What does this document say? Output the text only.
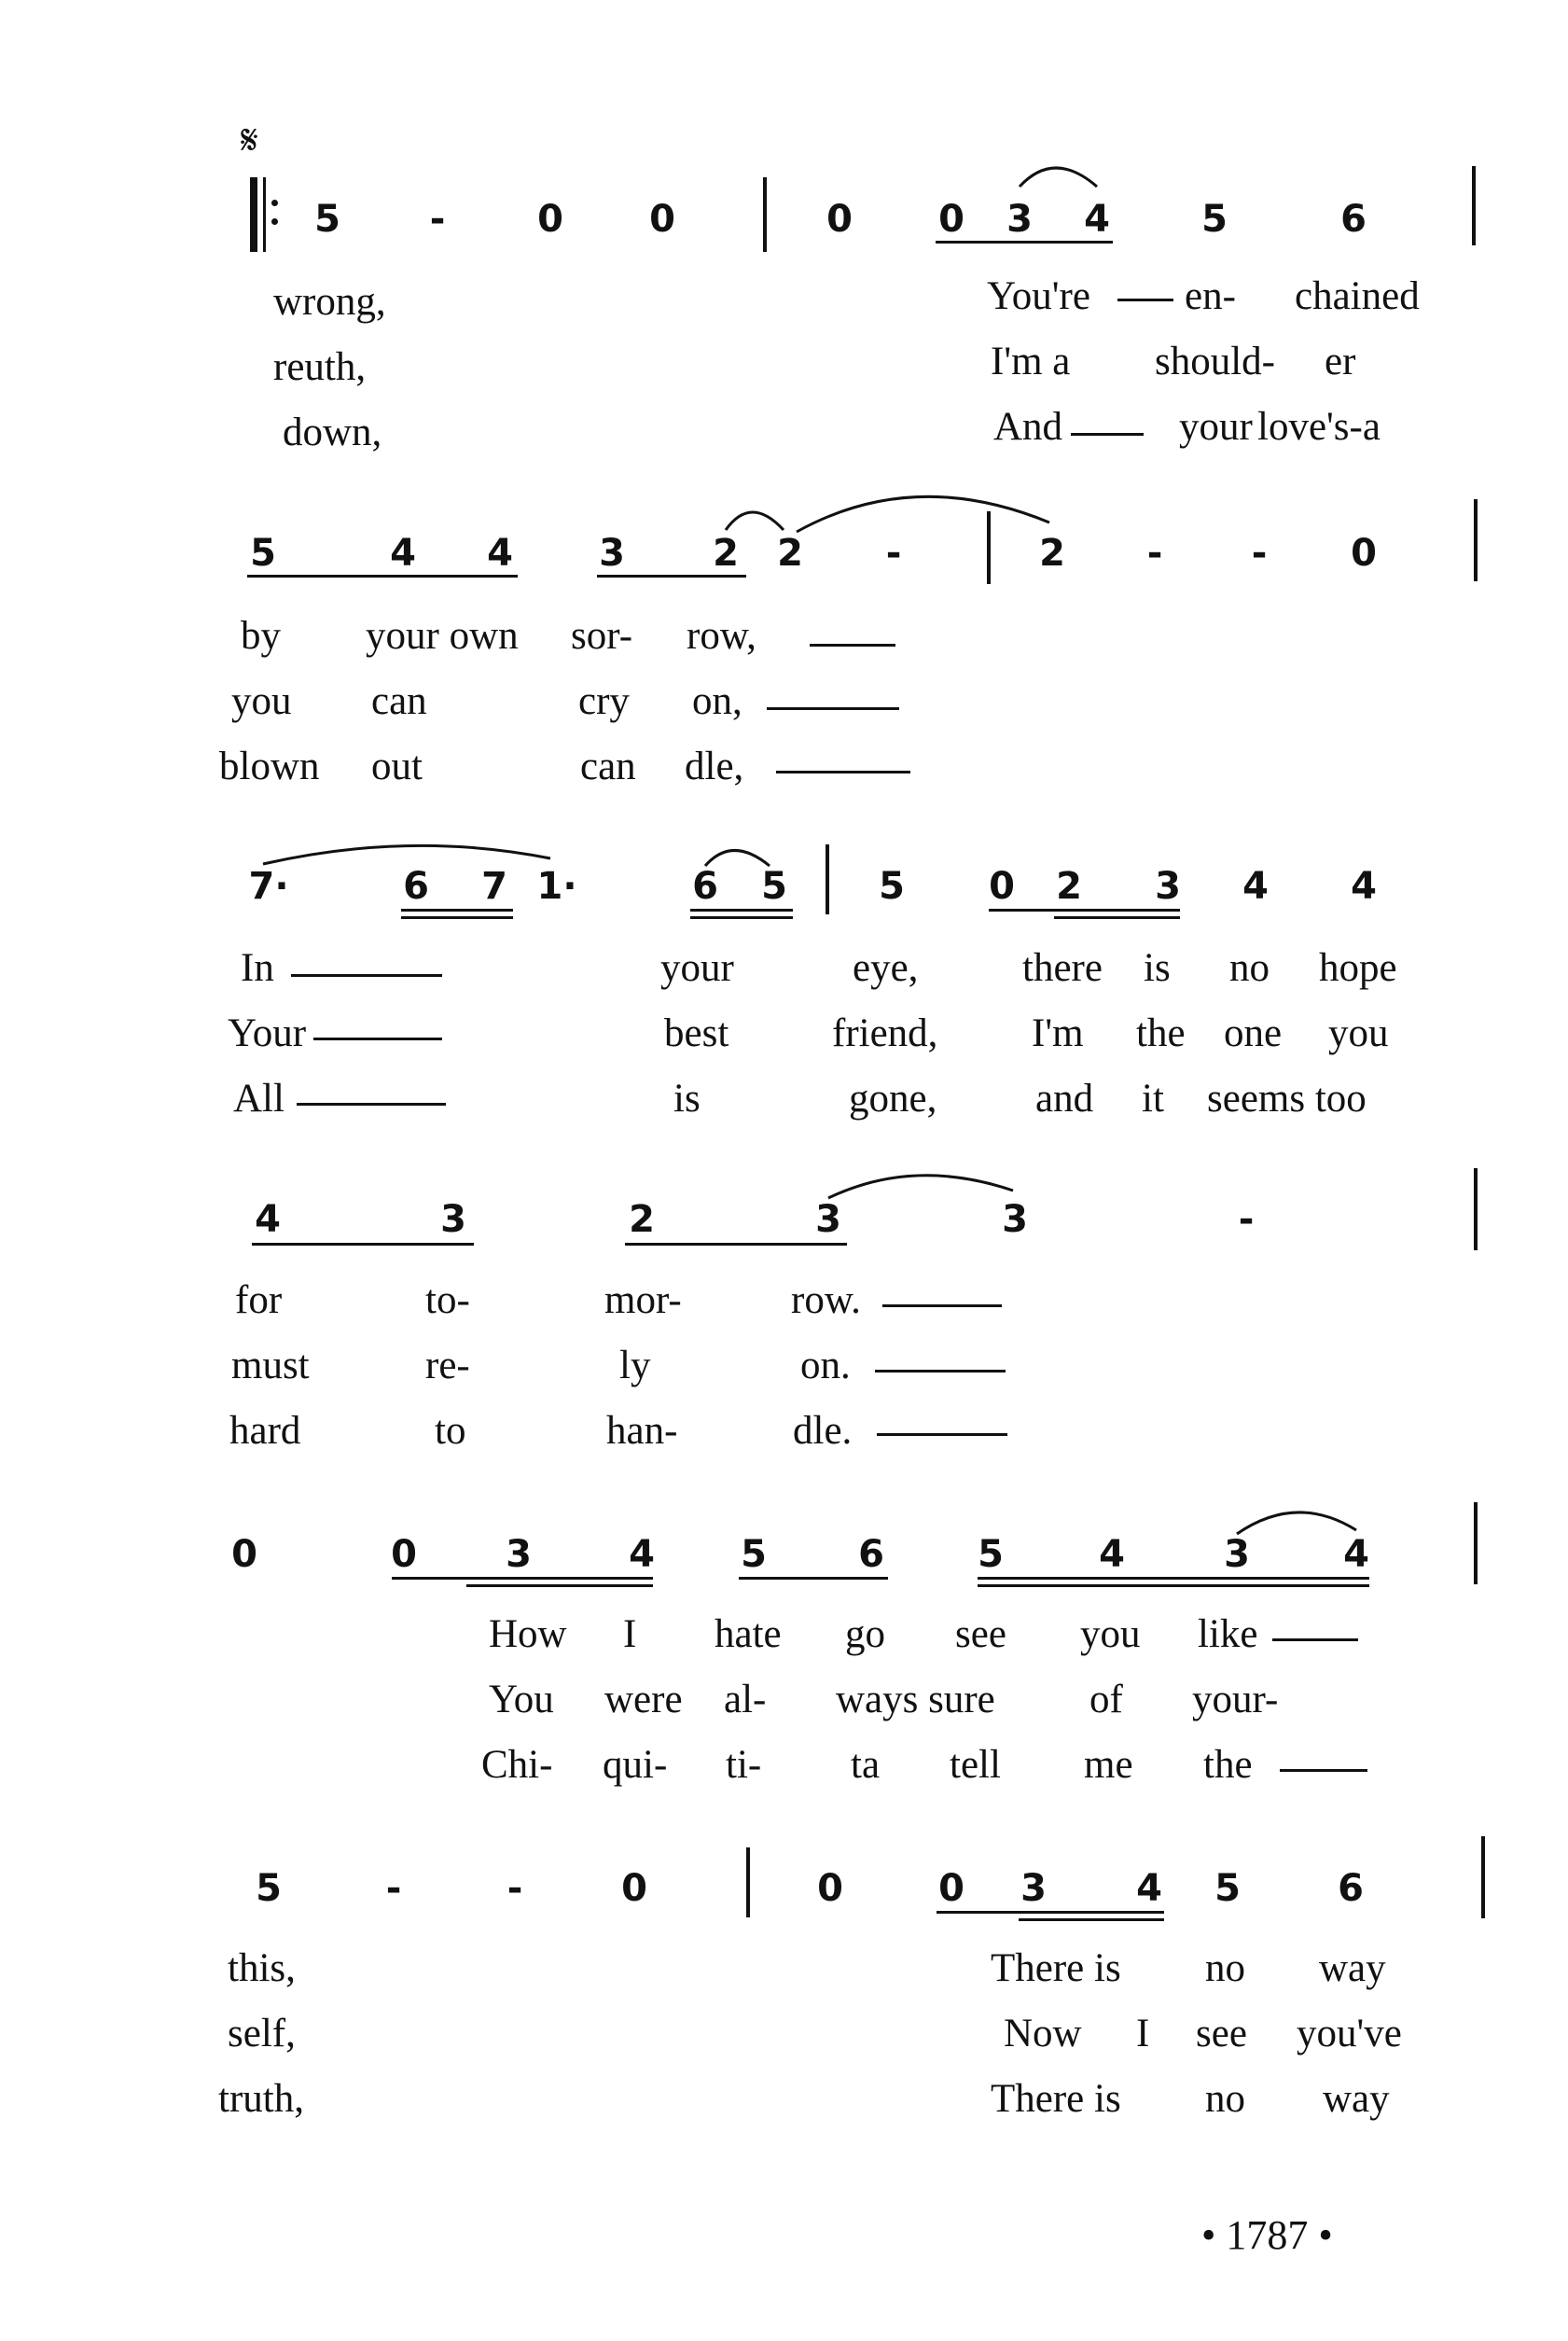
𝄋
5 - 0 0	0 0 3 4 5	6
wrong,	You're en- chained
reuth,	I'm a should- er
down,	And	your love's-a
5	4 4 3 2 2 -	2 - - 0
by your own sor- row,
you can	cry on,
blown out	can dle,
7·	6 7 1·	6 5 5 0 2 3 4 4
In	your	eye,	there is no hope
Your	best	friend, I'm the one you
All	is	gone, and it seems too
4	3	2	3	3	-
for	to-	mor-	row.
must	re-	ly	on.
hard	to	han-	dle.
0	0 3	4 5 6	5	4	3	4
How I hate go see you like
You were al- ways sure of your-
Chi- qui- ti- ta tell me the
5	-	-	0	0	0 3 4 5	6
this,	There is no way
self,	Now I see you've
truth,	There is no way
• 1787 •
